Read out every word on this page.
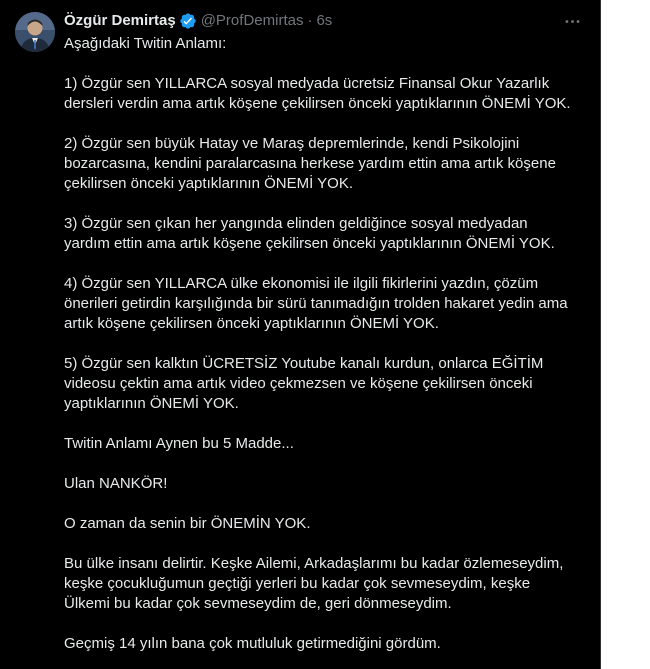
Özgür Demirtaş @ProfDemirtas · 6s
Aşağıdaki Twitin Anlamı:
1) Özgür sen YILLARCA sosyal medyada ücretsiz Finansal Okur Yazarlık
dersleri verdin ama artık köşene çekilirsen önceki yaptıklarının ÖNEMİ YOK.
2) Özgür sen büyük Hatay ve Maraş depremlerinde, kendi Psikolojini
bozarcasına, kendini paralarcasına herkese yardım ettin ama artık köşene
çekilirsen önceki yaptıklarının ÖNEMİ YOK.
3) Özgür sen çıkan her yangında elinden geldiğince sosyal medyadan
yardım ettin ama artık köşene çekilirsen önceki yaptıklarının ÖNEMİ YOK.
4) Özgür sen YILLARCA ülke ekonomisi ile ilgili fikirlerini yazdın, çözüm
önerileri getirdin karşılığında bir sürü tanımadığın trolden hakaret yedin ama
artık köşene çekilirsen önceki yaptıklarının ÖNEMİ YOK.
5) Özgür sen kalktın ÜCRETSİZ Youtube kanalı kurdun, onlarca EĞİTİM
videosu çektin ama artık video çekmezsen ve köşene çekilirsen önceki
yaptıklarının ÖNEMİ YOK.
Twitin Anlamı Aynen bu 5 Madde...
Ulan NANKÖR!
O zaman da senin bir ÖNEMİN YOK.
Bu ülke insanı delirtir. Keşke Ailemi, Arkadaşlarımı bu kadar özlemeseydim,
keşke çocukluğumun geçtiği yerleri bu kadar çok sevmeseydim, keşke
Ülkemi bu kadar çok sevmeseydim de, geri dönmeseydim.
Geçmiş 14 yılın bana çok mutluluk getirmediğini gördüm.
